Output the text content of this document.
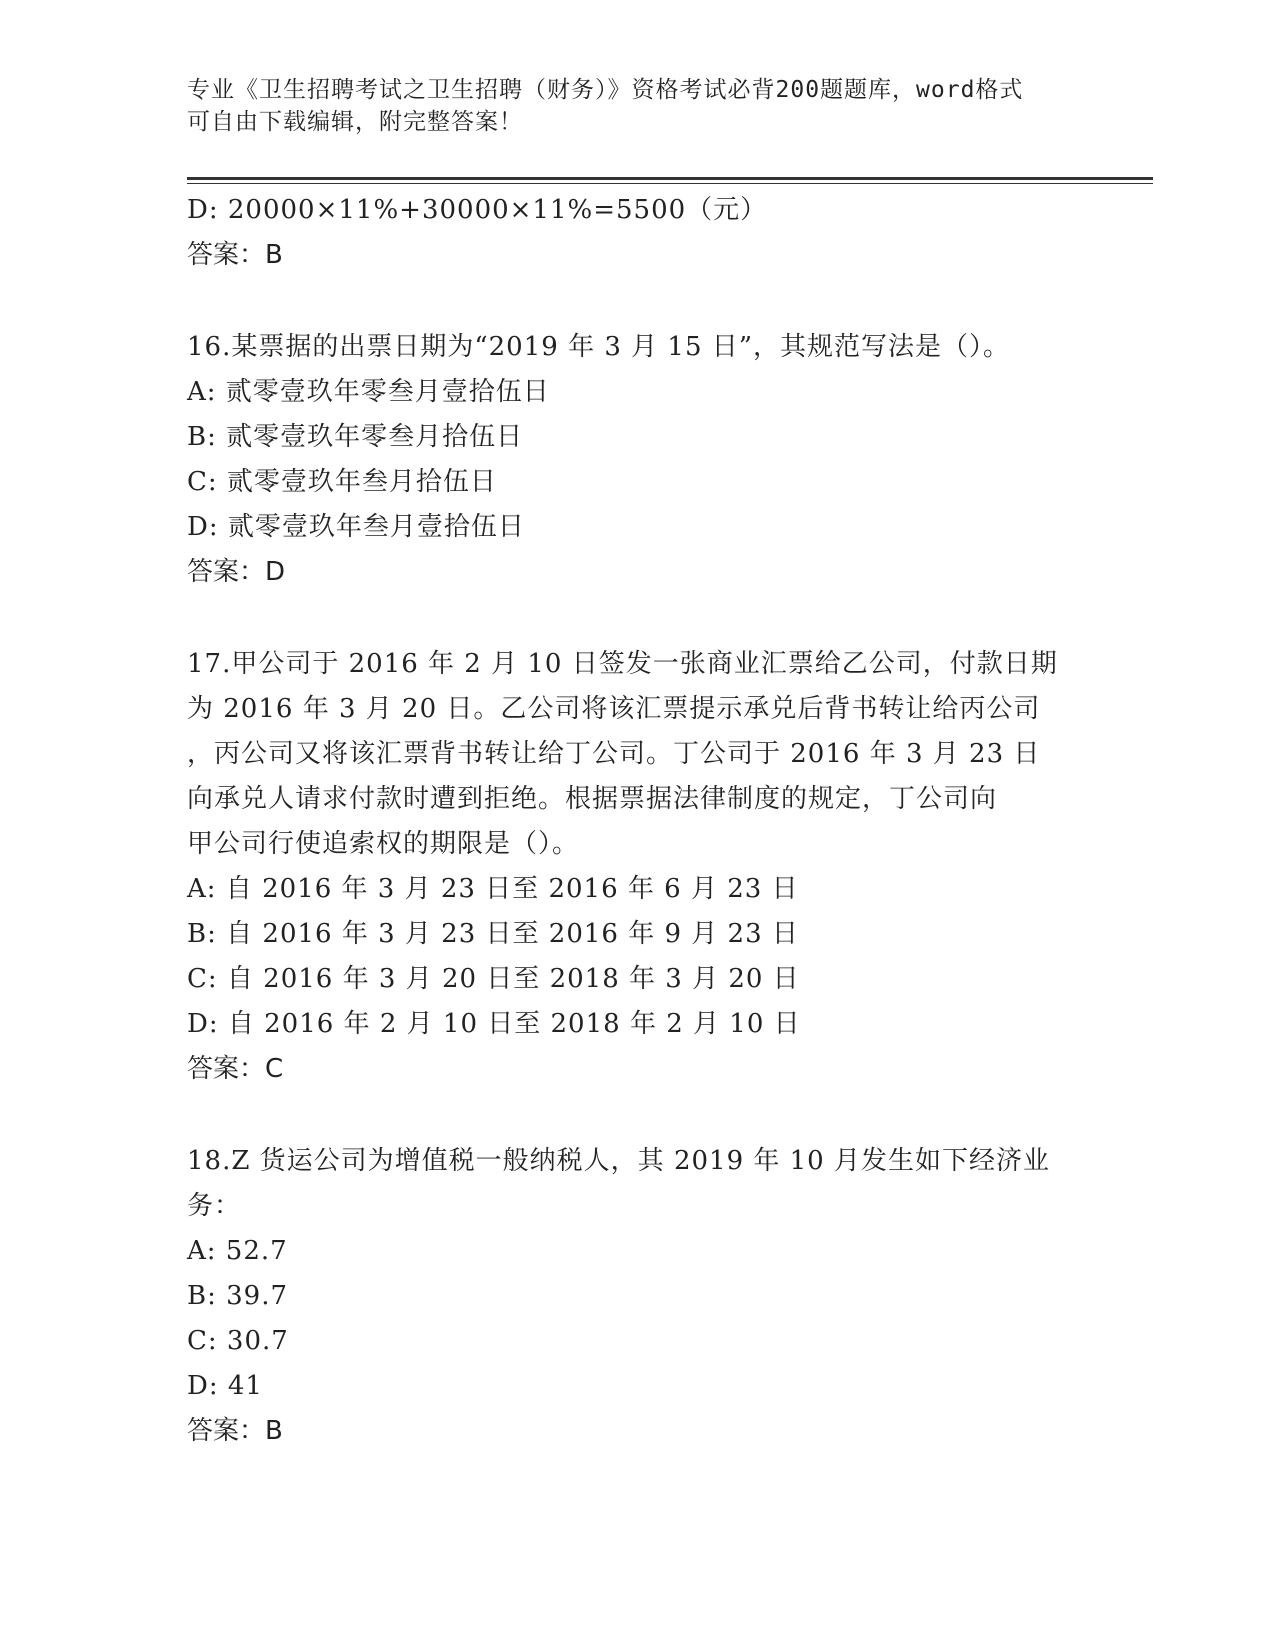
专业《卫生招聘考试之卫生招聘（财务）》资格考试必背200题题库，word格式
可自由下载编辑，附完整答案！
D: 20000×11%+30000×11%=5500（元）
答案：B
16.某票据的出票日期为“2019 年 3 月 15 日”，其规范写法是（）。
A: 贰零壹玖年零叁月壹拾伍日
B: 贰零壹玖年零叁月拾伍日
C: 贰零壹玖年叁月拾伍日
D: 贰零壹玖年叁月壹拾伍日
答案：D
17.甲公司于 2016 年 2 月 10 日签发一张商业汇票给乙公司，付款日期
为 2016 年 3 月 20 日。乙公司将该汇票提示承兑后背书转让给丙公司
，丙公司又将该汇票背书转让给丁公司。丁公司于 2016 年 3 月 23 日
向承兑人请求付款时遭到拒绝。根据票据法律制度的规定，丁公司向
甲公司行使追索权的期限是（）。
A: 自 2016 年 3 月 23 日至 2016 年 6 月 23 日
B: 自 2016 年 3 月 23 日至 2016 年 9 月 23 日
C: 自 2016 年 3 月 20 日至 2018 年 3 月 20 日
D: 自 2016 年 2 月 10 日至 2018 年 2 月 10 日
答案：C
18.Z 货运公司为增值税一般纳税人，其 2019 年 10 月发生如下经济业
务：
A: 52.7
B: 39.7
C: 30.7
D: 41
答案：B
